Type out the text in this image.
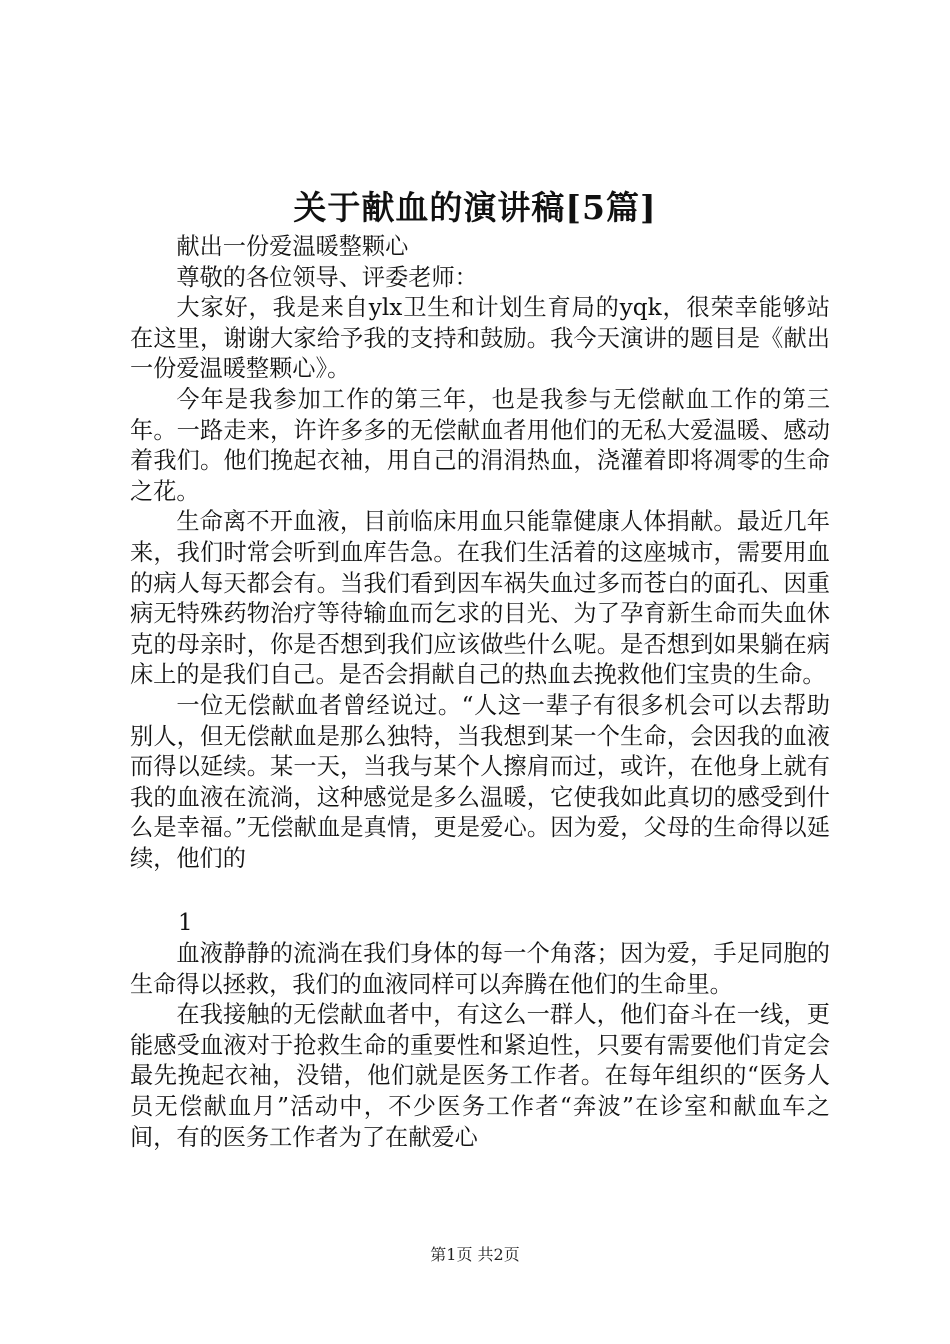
关于献血的演讲稿[5篇]

献出一份爱温暖整颗心

尊敬的各位领导、评委老师：

大家好，我是来自ylx卫生和计划生育局的yqk，很荣幸能够站在这里，谢谢大家给予我的支持和鼓励。我今天演讲的题目是《献出一份爱温暖整颗心》。

今年是我参加工作的第三年，也是我参与无偿献血工作的第三年。一路走来，许许多多的无偿献血者用他们的无私大爱温暖、感动着我们。他们挽起衣袖，用自己的涓涓热血，浇灌着即将凋零的生命之花。

生命离不开血液，目前临床用血只能靠健康人体捐献。最近几年来，我们时常会听到血库告急。在我们生活着的这座城市，需要用血的病人每天都会有。当我们看到因车祸失血过多而苍白的面孔、因重病无特殊药物治疗等待输血而乞求的目光、为了孕育新生命而失血休克的母亲时，你是否想到我们应该做些什么呢。是否想到如果躺在病床上的是我们自己。是否会捐献自己的热血去挽救他们宝贵的生命。

一位无偿献血者曾经说过。“人这一辈子有很多机会可以去帮助别人，但无偿献血是那么独特，当我想到某一个生命，会因我的血液而得以延续。某一天，当我与某个人擦肩而过，或许，在他身上就有我的血液在流淌，这种感觉是多么温暖，它使我如此真切的感受到什么是幸福。”无偿献血是真情，更是爱心。因为爱，父母的生命得以延续，他们的

1

血液静静的流淌在我们身体的每一个角落；因为爱，手足同胞的生命得以拯救，我们的血液同样可以奔腾在他们的生命里。

在我接触的无偿献血者中，有这么一群人，他们奋斗在一线，更能感受血液对于抢救生命的重要性和紧迫性，只要有需要他们肯定会最先挽起衣袖，没错，他们就是医务工作者。在每年组织的“医务人员无偿献血月”活动中，不少医务工作者“奔波”在诊室和献血车之间，有的医务工作者为了在献爱心

第1页 共2页
